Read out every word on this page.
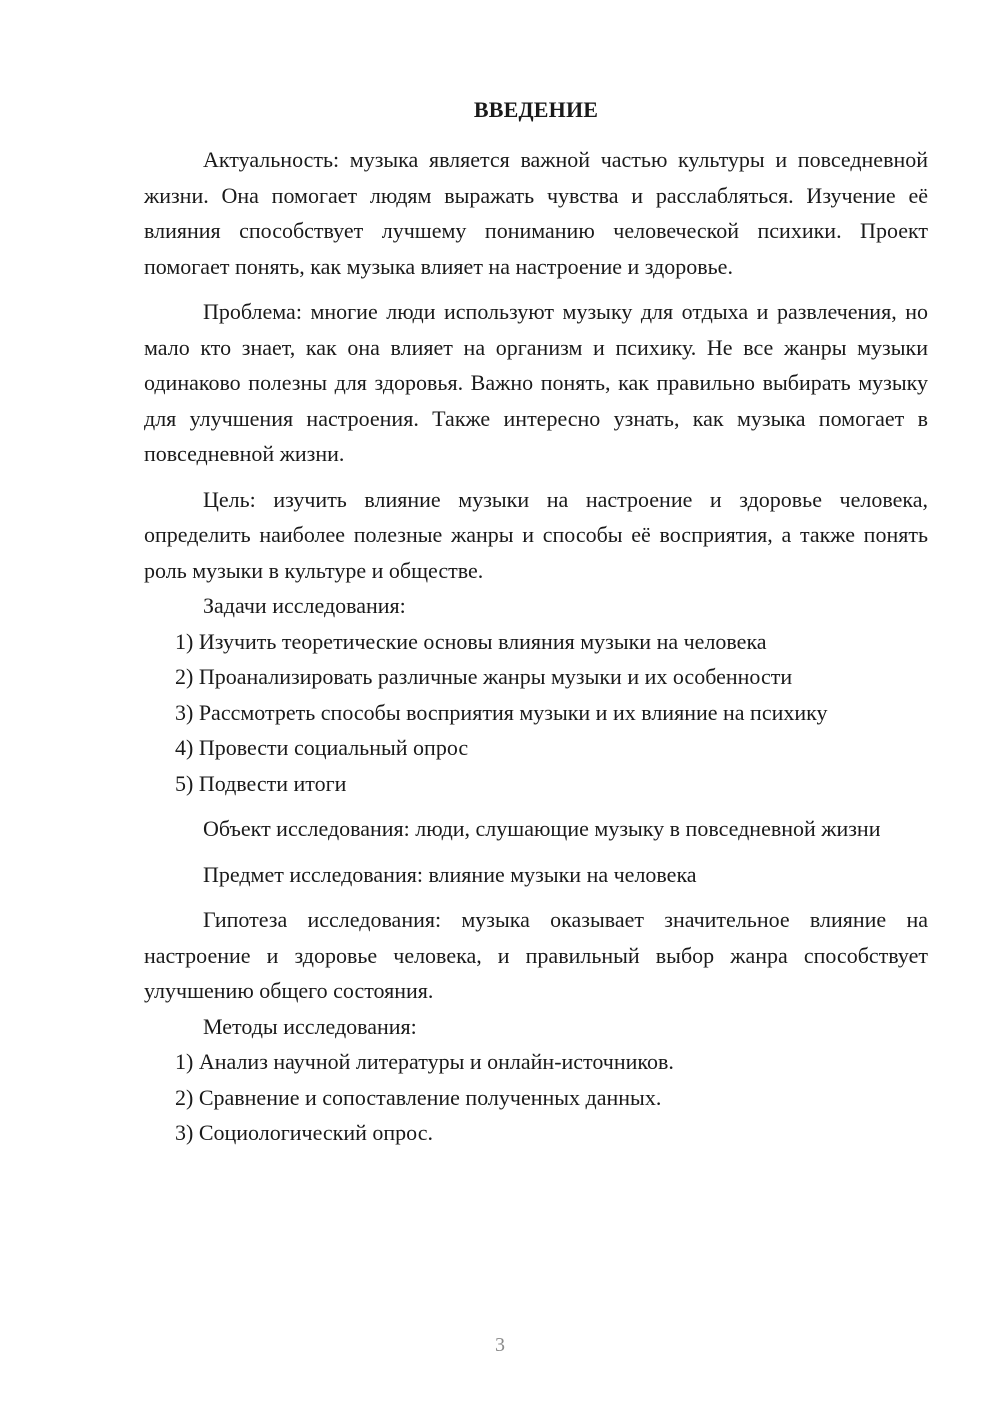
ВВЕДЕНИЕ

Актуальность: музыка является важной частью культуры и повседневной жизни. Она помогает людям выражать чувства и расслабляться. Изучение её влияния способствует лучшему пониманию человеческой психики. Проект помогает понять, как музыка влияет на настроение и здоровье.

Проблема: многие люди используют музыку для отдыха и развлечения, но мало кто знает, как она влияет на организм и психику. Не все жанры музыки одинаково полезны для здоровья. Важно понять, как правильно выбирать музыку для улучшения настроения. Также интересно узнать, как музыка помогает в повседневной жизни.

Цель: изучить влияние музыки на настроение и здоровье человека, определить наиболее полезные жанры и способы её восприятия, а также понять роль музыки в культуре и обществе.

Задачи исследования:

1) Изучить теоретические основы влияния музыки на человека
2) Проанализировать различные жанры музыки и их особенности
3) Рассмотреть способы восприятия музыки и их влияние на психику
4) Провести социальный опрос
5) Подвести итоги

Объект исследования: люди, слушающие музыку в повседневной жизни

Предмет исследования: влияние музыки на человека

Гипотеза исследования: музыка оказывает значительное влияние на настроение и здоровье человека, и правильный выбор жанра способствует улучшению общего состояния.

Методы исследования:

1) Анализ научной литературы и онлайн-источников.
2) Сравнение и сопоставление полученных данных.
3) Социологический опрос.
3
